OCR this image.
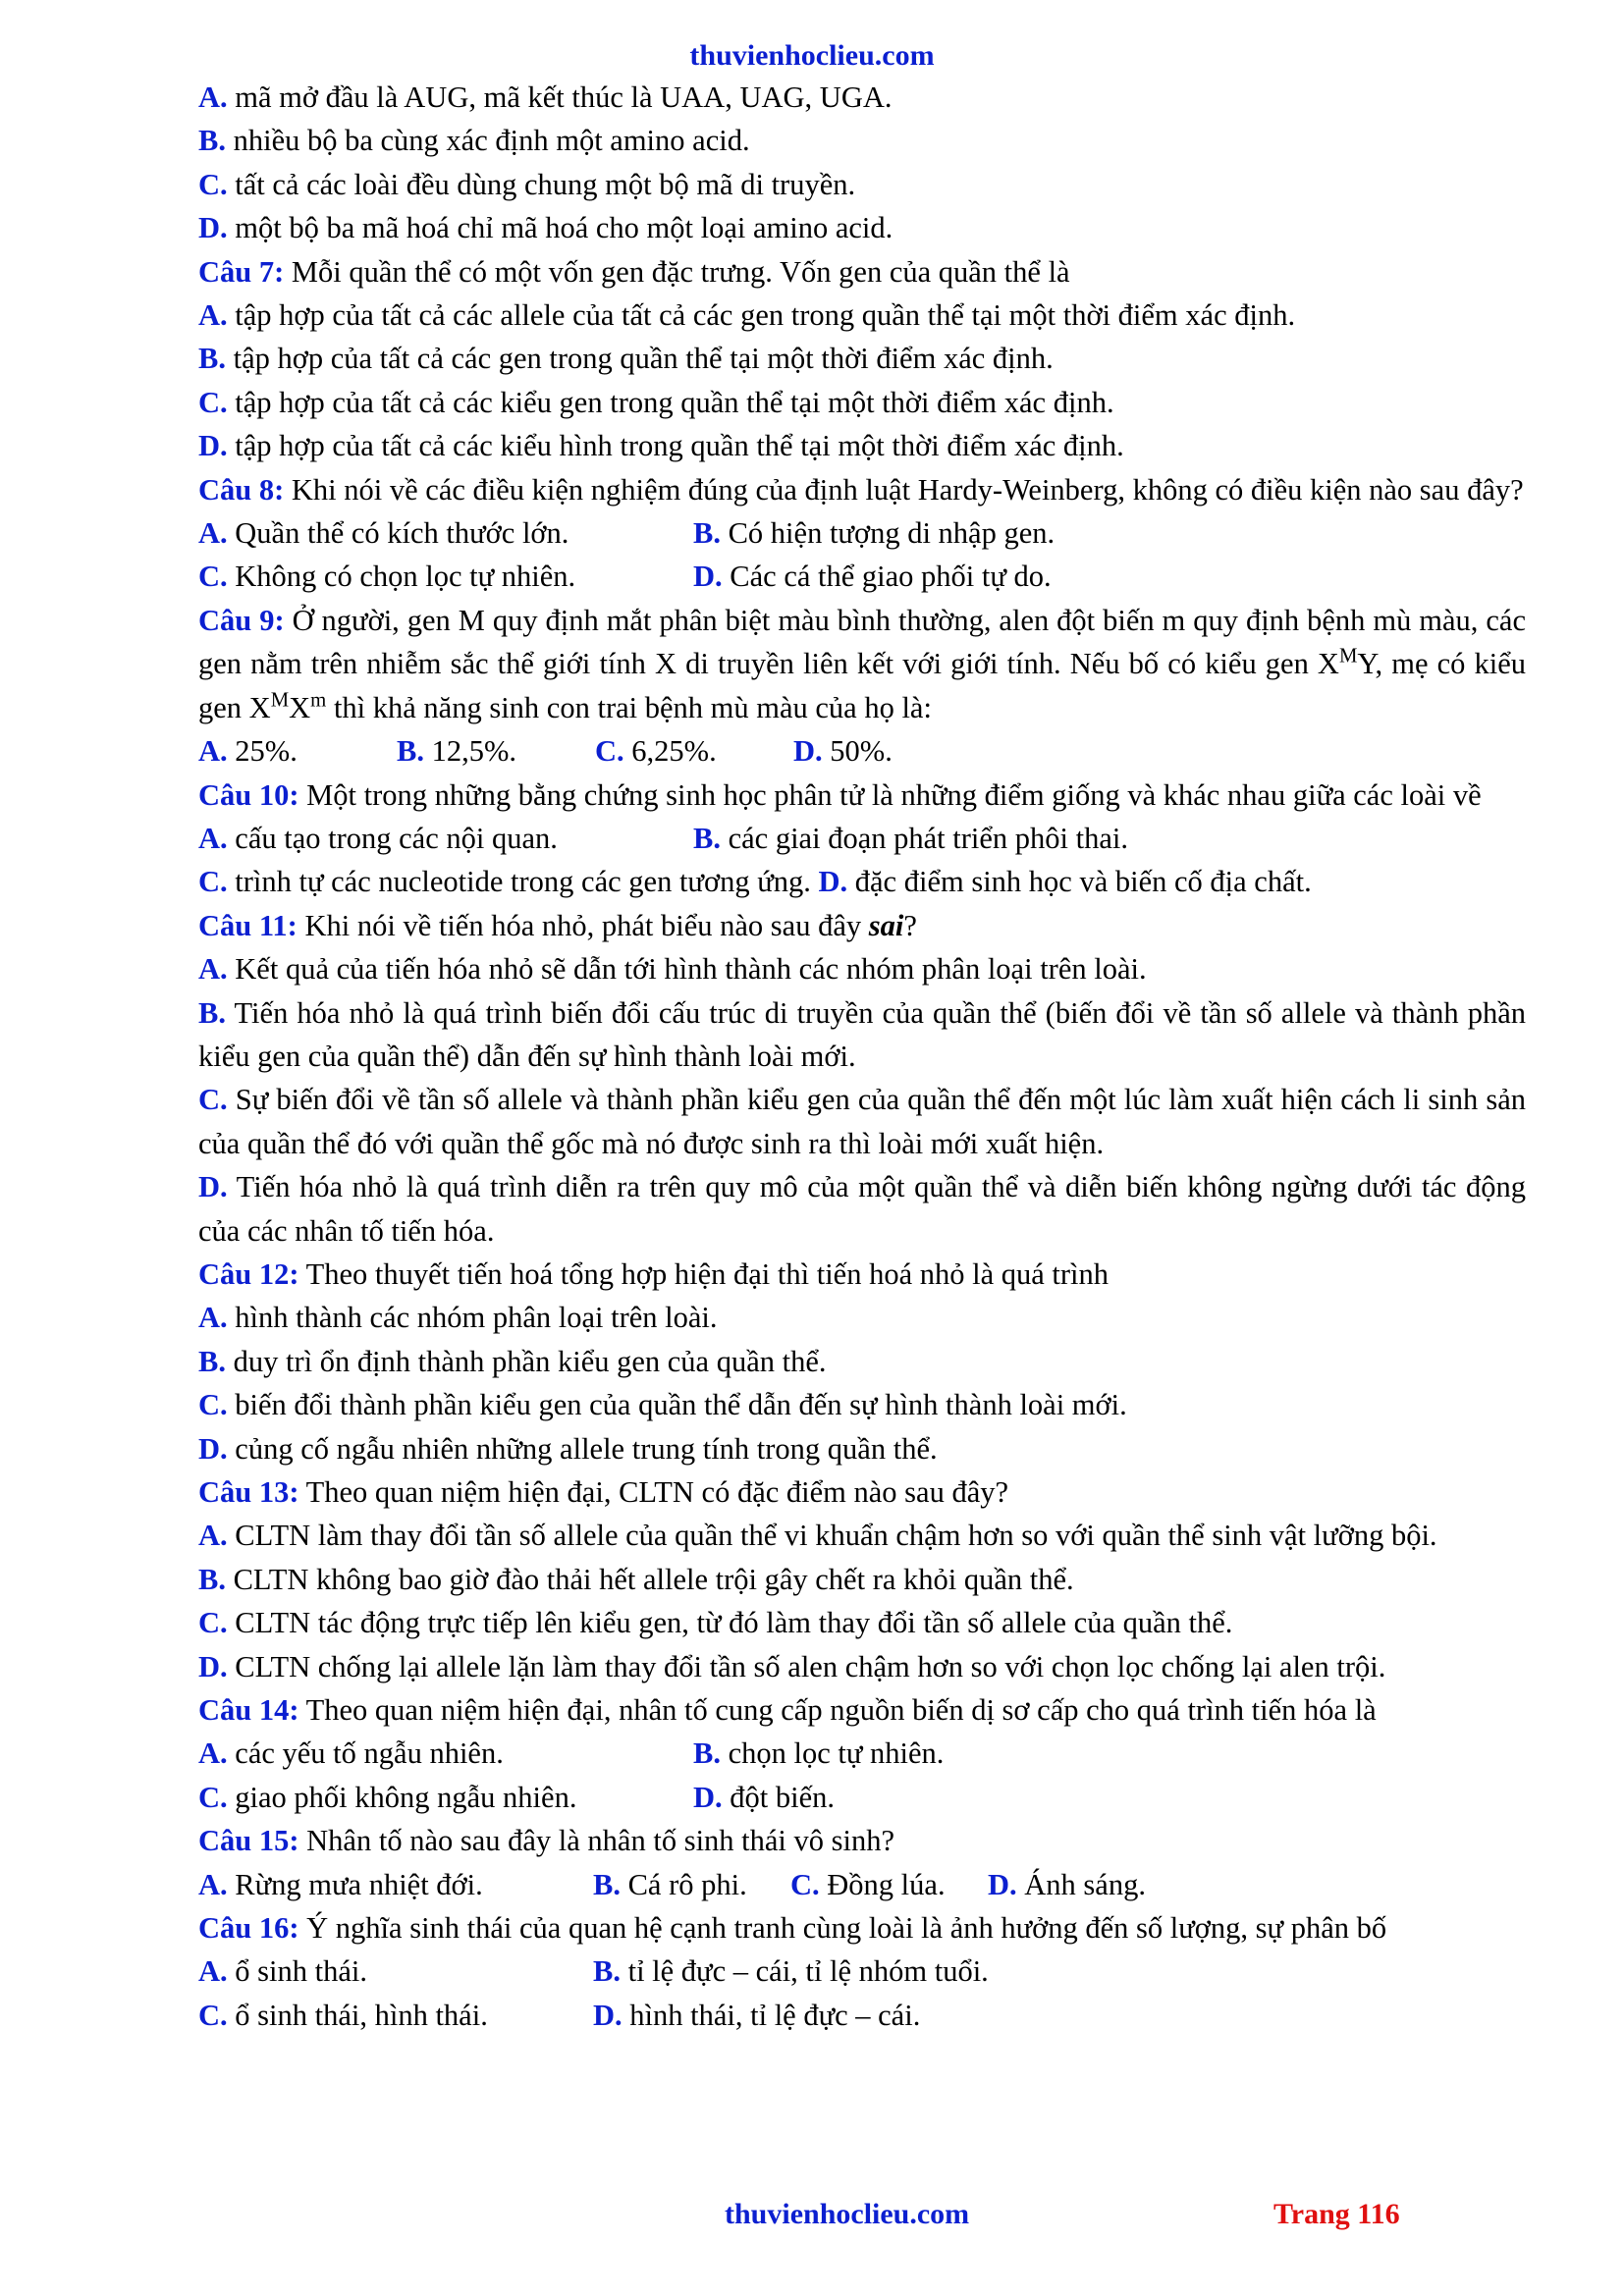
thuvienhoclieu.com
A. mã mở đầu là AUG, mã kết thúc là UAA, UAG, UGA.
B. nhiều bộ ba cùng xác định một amino acid.
C. tất cả các loài đều dùng chung một bộ mã di truyền.
D. một bộ ba mã hoá chỉ mã hoá cho một loại amino acid.
Câu 7: Mỗi quần thể có một vốn gen đặc trưng. Vốn gen của quần thể là
A. tập hợp của tất cả các allele của tất cả các gen trong quần thể tại một thời điểm xác định.
B. tập hợp của tất cả các gen trong quần thể tại một thời điểm xác định.
C. tập hợp của tất cả các kiểu gen trong quần thể tại một thời điểm xác định.
D. tập hợp của tất cả các kiểu hình trong quần thể tại một thời điểm xác định.
Câu 8: Khi nói về các điều kiện nghiệm đúng của định luật Hardy-Weinberg, không có điều kiện nào sau đây?
A. Quần thể có kích thước lớn.	B. Có hiện tượng di nhập gen.
C. Không có chọn lọc tự nhiên.	D. Các cá thể giao phối tự do.
Câu 9: Ở người, gen M quy định mắt phân biệt màu bình thường, alen đột biến m quy định bệnh mù màu, các gen nằm trên nhiễm sắc thể giới tính X di truyền liên kết với giới tính. Nếu bố có kiểu gen $X^MY$, mẹ có kiểu gen $X^MX^m$ thì khả năng sinh con trai bệnh mù màu của họ là:
A. 25%.	B. 12,5%.	C. 6,25%.	D. 50%.
Câu 10: Một trong những bằng chứng sinh học phân tử là những điểm giống và khác nhau giữa các loài về
A. cấu tạo trong các nội quan.	B. các giai đoạn phát triển phôi thai.
C. trình tự các nucleotide trong các gen tương ứng. D. đặc điểm sinh học và biến cố địa chất.
Câu 11: Khi nói về tiến hóa nhỏ, phát biểu nào sau đây sai?
A. Kết quả của tiến hóa nhỏ sẽ dẫn tới hình thành các nhóm phân loại trên loài.
B. Tiến hóa nhỏ là quá trình biến đổi cấu trúc di truyền của quần thể (biến đổi về tần số allele và thành phần kiểu gen của quần thể) dẫn đến sự hình thành loài mới.
C. Sự biến đổi về tần số allele và thành phần kiểu gen của quần thể đến một lúc làm xuất hiện cách li sinh sản của quần thể đó với quần thể gốc mà nó được sinh ra thì loài mới xuất hiện.
D. Tiến hóa nhỏ là quá trình diễn ra trên quy mô của một quần thể và diễn biến không ngừng dưới tác động của các nhân tố tiến hóa.
Câu 12: Theo thuyết tiến hoá tổng hợp hiện đại thì tiến hoá nhỏ là quá trình
A. hình thành các nhóm phân loại trên loài.
B. duy trì ổn định thành phần kiểu gen của quần thể.
C. biến đổi thành phần kiểu gen của quần thể dẫn đến sự hình thành loài mới.
D. củng cố ngẫu nhiên những allele trung tính trong quần thể.
Câu 13: Theo quan niệm hiện đại, CLTN có đặc điểm nào sau đây?
A. CLTN làm thay đổi tần số allele của quần thể vi khuẩn chậm hơn so với quần thể sinh vật lưỡng bội.
B. CLTN không bao giờ đào thải hết allele trội gây chết ra khỏi quần thể.
C. CLTN tác động trực tiếp lên kiểu gen, từ đó làm thay đổi tần số allele của quần thể.
D. CLTN chống lại allele lặn làm thay đổi tần số alen chậm hơn so với chọn lọc chống lại alen trội.
Câu 14: Theo quan niệm hiện đại, nhân tố cung cấp nguồn biến dị sơ cấp cho quá trình tiến hóa là
A. các yếu tố ngẫu nhiên.	B. chọn lọc tự nhiên.
C. giao phối không ngẫu nhiên.	D. đột biến.
Câu 15: Nhân tố nào sau đây là nhân tố sinh thái vô sinh?
A. Rừng mưa nhiệt đới.	B. Cá rô phi. C. Đồng lúa. D. Ánh sáng.
Câu 16: Ý nghĩa sinh thái của quan hệ cạnh tranh cùng loài là ảnh hưởng đến số lượng, sự phân bố
A. ổ sinh thái.	B. tỉ lệ đực – cái, tỉ lệ nhóm tuổi.
C. ổ sinh thái, hình thái.	D. hình thái, tỉ lệ đực – cái.
thuvienhoclieu.com	Trang 116
